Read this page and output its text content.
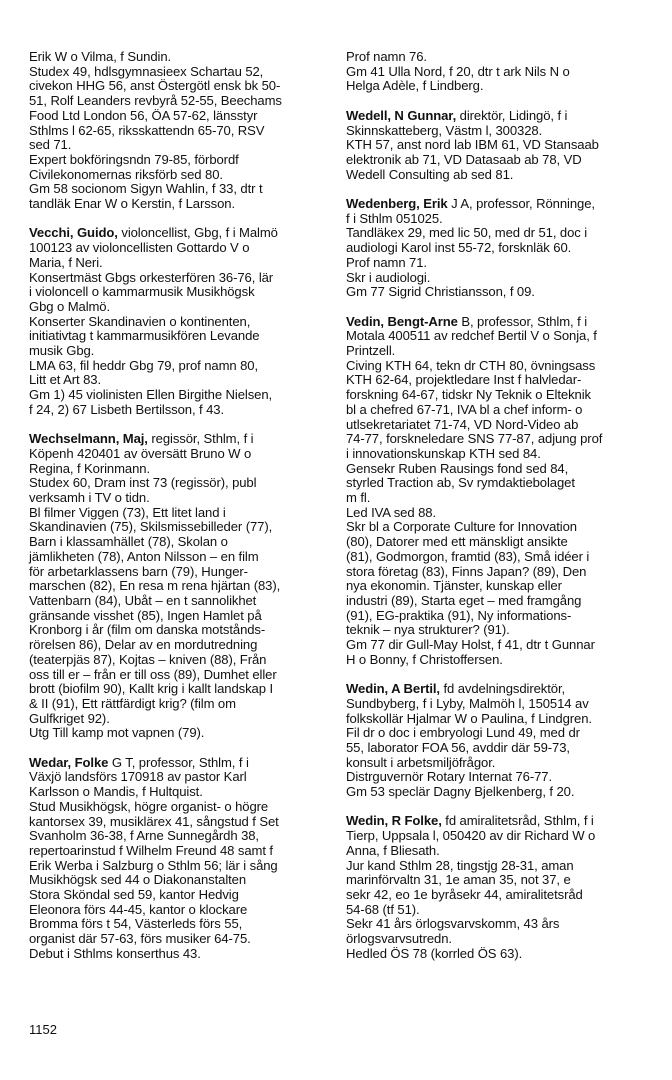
Erik W o Vilma, f Sundin.
Studex 49, hdlsgymnasieex Schartau 52,
civekon HHG 56, anst Östergötl ensk bk 50-
51, Rolf Leanders revbyrå 52-55, Beechams
Food Ltd London 56, ÖA 57-62, länsstyr
Sthlms l 62-65, riksskattendn 65-70, RSV
sed 71.
Expert bokföringsndn 79-85, förbordf
Civilekonomernas riksförb sed 80.
Gm 58 socionom Sigyn Wahlin, f 33, dtr t
tandläk Enar W o Kerstin, f Larsson.
Vecchi, Guido, violoncellist, Gbg, f i Malmö
100123 av violoncellisten Gottardo V o
Maria, f Neri.
Konsertmäst Gbgs orkesterfören 36-76, lär
i violoncell o kammarmusik Musikhögsk
Gbg o Malmö.
Konserter Skandinavien o kontinenten,
initiativtag t kammarmusikfören Levande
musik Gbg.
LMA 63, fil heddr Gbg 79, prof namn 80,
Litt et Art 83.
Gm 1) 45 violinisten Ellen Birgithe Nielsen,
f 24, 2) 67 Lisbeth Bertilsson, f 43.
Wechselmann, Maj, regissör, Sthlm, f i
Köpenh 420401 av översätt Bruno W o
Regina, f Korinmann.
Studex 60, Dram inst 73 (regissör), publ
verksamh i TV o tidn.
Bl filmer Viggen (73), Ett litet land i
Skandinavien (75), Skilsmissebilleder (77),
Barn i klassamhället (78), Skolan o
jämlikheten (78), Anton Nilsson – en film
för arbetarklassens barn (79), Hunger-
marschen (82), En resa m rena hjärtan (83),
Vattenbarn (84), Ubåt – en t sannolikhet
gränsande visshet (85), Ingen Hamlet på
Kronborg i år (film om danska motstånds-
rörelsen 86), Delar av en mordutredning
(teaterpjäs 87), Kojtas – kniven (88), Från
oss till er – från er till oss (89), Dumhet eller
brott (biofilm 90), Kallt krig i kallt landskap I
& II (91), Ett rättfärdigt krig? (film om
Gulfkriget 92).
Utg Till kamp mot vapnen (79).
Wedar, Folke G T, professor, Sthlm, f i
Växjö landsförs 170918 av pastor Karl
Karlsson o Mandis, f Hultquist.
Stud Musikhögsk, högre organist- o högre
kantorsex 39, musiklärex 41, sångstud f Set
Svanholm 36-38, f Arne Sunnegårdh 38,
repertoarinstud f Wilhelm Freund 48 samt f
Erik Werba i Salzburg o Sthlm 56; lär i sång
Musikhögsk sed 44 o Diakonanstalten
Stora Sköndal sed 59, kantor Hedvig
Eleonora förs 44-45, kantor o klockare
Bromma förs t 54, Västerleds förs 55,
organist där 57-63, förs musiker 64-75.
Debut i Sthlms konserthus 43.
Prof namn 76.
Gm 41 Ulla Nord, f 20, dtr t ark Nils N o
Helga Adèle, f Lindberg.
Wedell, N Gunnar, direktör, Lidingö, f i
Skinnskatteberg, Västm l, 300328.
KTH 57, anst nord lab IBM 61, VD Stansaab
elektronik ab 71, VD Datasaab ab 78, VD
Wedell Consulting ab sed 81.
Wedenberg, Erik J A, professor, Rönninge,
f i Sthlm 051025.
Tandläkex 29, med lic 50, med dr 51, doc i
audiologi Karol inst 55-72, forsknläk 60.
Prof namn 71.
Skr i audiologi.
Gm 77 Sigrid Christiansson, f 09.
Vedin, Bengt-Arne B, professor, Sthlm, f i
Motala 400511 av redchef Bertil V o Sonja, f
Printzell.
Civing KTH 64, tekn dr CTH 80, övningsass
KTH 62-64, projektledare Inst f halvledar-
forskning 64-67, tidskr Ny Teknik o Elteknik
bl a chefred 67-71, IVA bl a chef inform- o
utlsekretariatet 71-74, VD Nord-Video ab
74-77, forskneledare SNS 77-87, adjung prof
i innovationskunskap KTH sed 84.
Gensekr Ruben Rausings fond sed 84,
styrled Traction ab, Sv rymdaktiebolaget
m fl.
Led IVA sed 88.
Skr bl a Corporate Culture for Innovation
(80), Datorer med ett mänskligt ansikte
(81), Godmorgon, framtid (83), Små idéer i
stora företag (83), Finns Japan? (89), Den
nya ekonomin. Tjänster, kunskap eller
industri (89), Starta eget – med framgång
(91), EG-praktika (91), Ny informations-
teknik – nya strukturer? (91).
Gm 77 dir Gull-May Holst, f 41, dtr t Gunnar
H o Bonny, f Christoffersen.
Wedin, A Bertil, fd avdelningsdirektör,
Sundbyberg, f i Lyby, Malmöh l, 150514 av
folkskollär Hjalmar W o Paulina, f Lindgren.
Fil dr o doc i embryologi Lund 49, med dr
55, laborator FOA 56, avddir där 59-73,
konsult i arbetsmiljöfrågor.
Distrguvernör Rotary Internat 76-77.
Gm 53 speclär Dagny Bjelkenberg, f 20.
Wedin, R Folke, fd amiralitetsråd, Sthlm, f i
Tierp, Uppsala l, 050420 av dir Richard W o
Anna, f Bliesath.
Jur kand Sthlm 28, tingstjg 28-31, aman
marinförvaltn 31, 1e aman 35, not 37, e
sekr 42, eo 1e byråsekr 44, amiralitetsråd
54-68 (tf 51).
Sekr 41 års örlogsvarvskomm, 43 års
örlogsvarvsutredn.
Hedled ÖS 78 (korrled ÖS 63).
1152
